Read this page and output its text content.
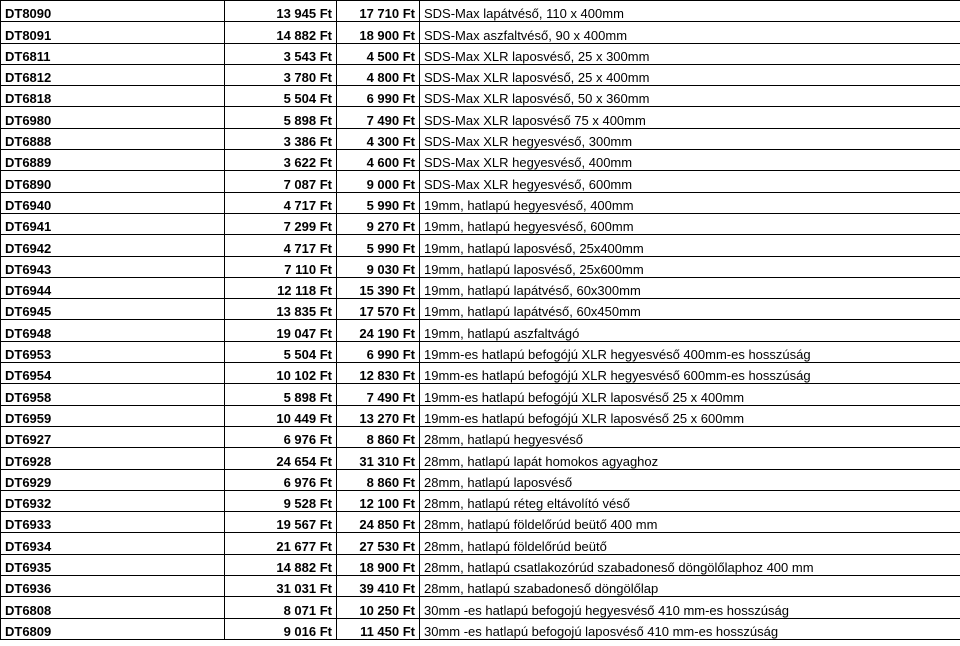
DT8090	13 945 Ft	17 710 Ft	SDS-Max lapátvéső, 110 x 400mm
DT8091	14 882 Ft	18 900 Ft	SDS-Max aszfaltvéső, 90 x 400mm
DT6811	3 543 Ft	4 500 Ft	SDS-Max XLR laposvéső, 25 x 300mm
DT6812	3 780 Ft	4 800 Ft	SDS-Max XLR laposvéső, 25 x 400mm
DT6818	5 504 Ft	6 990 Ft	SDS-Max XLR laposvéső, 50 x 360mm
DT6980	5 898 Ft	7 490 Ft	SDS-Max XLR laposvéső 75 x 400mm
DT6888	3 386 Ft	4 300 Ft	SDS-Max XLR hegyesvéső, 300mm
DT6889	3 622 Ft	4 600 Ft	SDS-Max XLR hegyesvéső, 400mm
DT6890	7 087 Ft	9 000 Ft	SDS-Max XLR hegyesvéső, 600mm
DT6940	4 717 Ft	5 990 Ft	19mm, hatlapú hegyesvéső, 400mm
DT6941	7 299 Ft	9 270 Ft	19mm, hatlapú hegyesvéső, 600mm
DT6942	4 717 Ft	5 990 Ft	19mm, hatlapú laposvéső, 25x400mm
DT6943	7 110 Ft	9 030 Ft	19mm, hatlapú laposvéső, 25x600mm
DT6944	12 118 Ft	15 390 Ft	19mm, hatlapú lapátvéső, 60x300mm
DT6945	13 835 Ft	17 570 Ft	19mm, hatlapú lapátvéső, 60x450mm
DT6948	19 047 Ft	24 190 Ft	19mm, hatlapú aszfaltvágó
DT6953	5 504 Ft	6 990 Ft	19mm-es hatlapú befogójú XLR hegyesvéső 400mm-es hosszúság
DT6954	10 102 Ft	12 830 Ft	19mm-es hatlapú befogójú XLR hegyesvéső 600mm-es hosszúság
DT6958	5 898 Ft	7 490 Ft	19mm-es hatlapú befogójú XLR laposvéső 25 x 400mm
DT6959	10 449 Ft	13 270 Ft	19mm-es hatlapú befogójú XLR laposvéső 25 x 600mm
DT6927	6 976 Ft	8 860 Ft	28mm, hatlapú hegyesvéső
DT6928	24 654 Ft	31 310 Ft	28mm, hatlapú lapát homokos agyaghoz
DT6929	6 976 Ft	8 860 Ft	28mm, hatlapú laposvéső
DT6932	9 528 Ft	12 100 Ft	28mm, hatlapú réteg eltávolító véső
DT6933	19 567 Ft	24 850 Ft	28mm, hatlapú földelőrúd beütő 400 mm
DT6934	21 677 Ft	27 530 Ft	28mm, hatlapú földelőrúd beütő
DT6935	14 882 Ft	18 900 Ft	28mm, hatlapú csatlakozórúd szabadoneső döngölőlaphoz 400 mm
DT6936	31 031 Ft	39 410 Ft	28mm, hatlapú szabadoneső döngölőlap
DT6808	8 071 Ft	10 250 Ft	30mm -es hatlapú befogojú hegyesvéső 410 mm-es hosszúság
DT6809	9 016 Ft	11 450 Ft	30mm -es hatlapú befogojú laposvéső 410 mm-es hosszúság
